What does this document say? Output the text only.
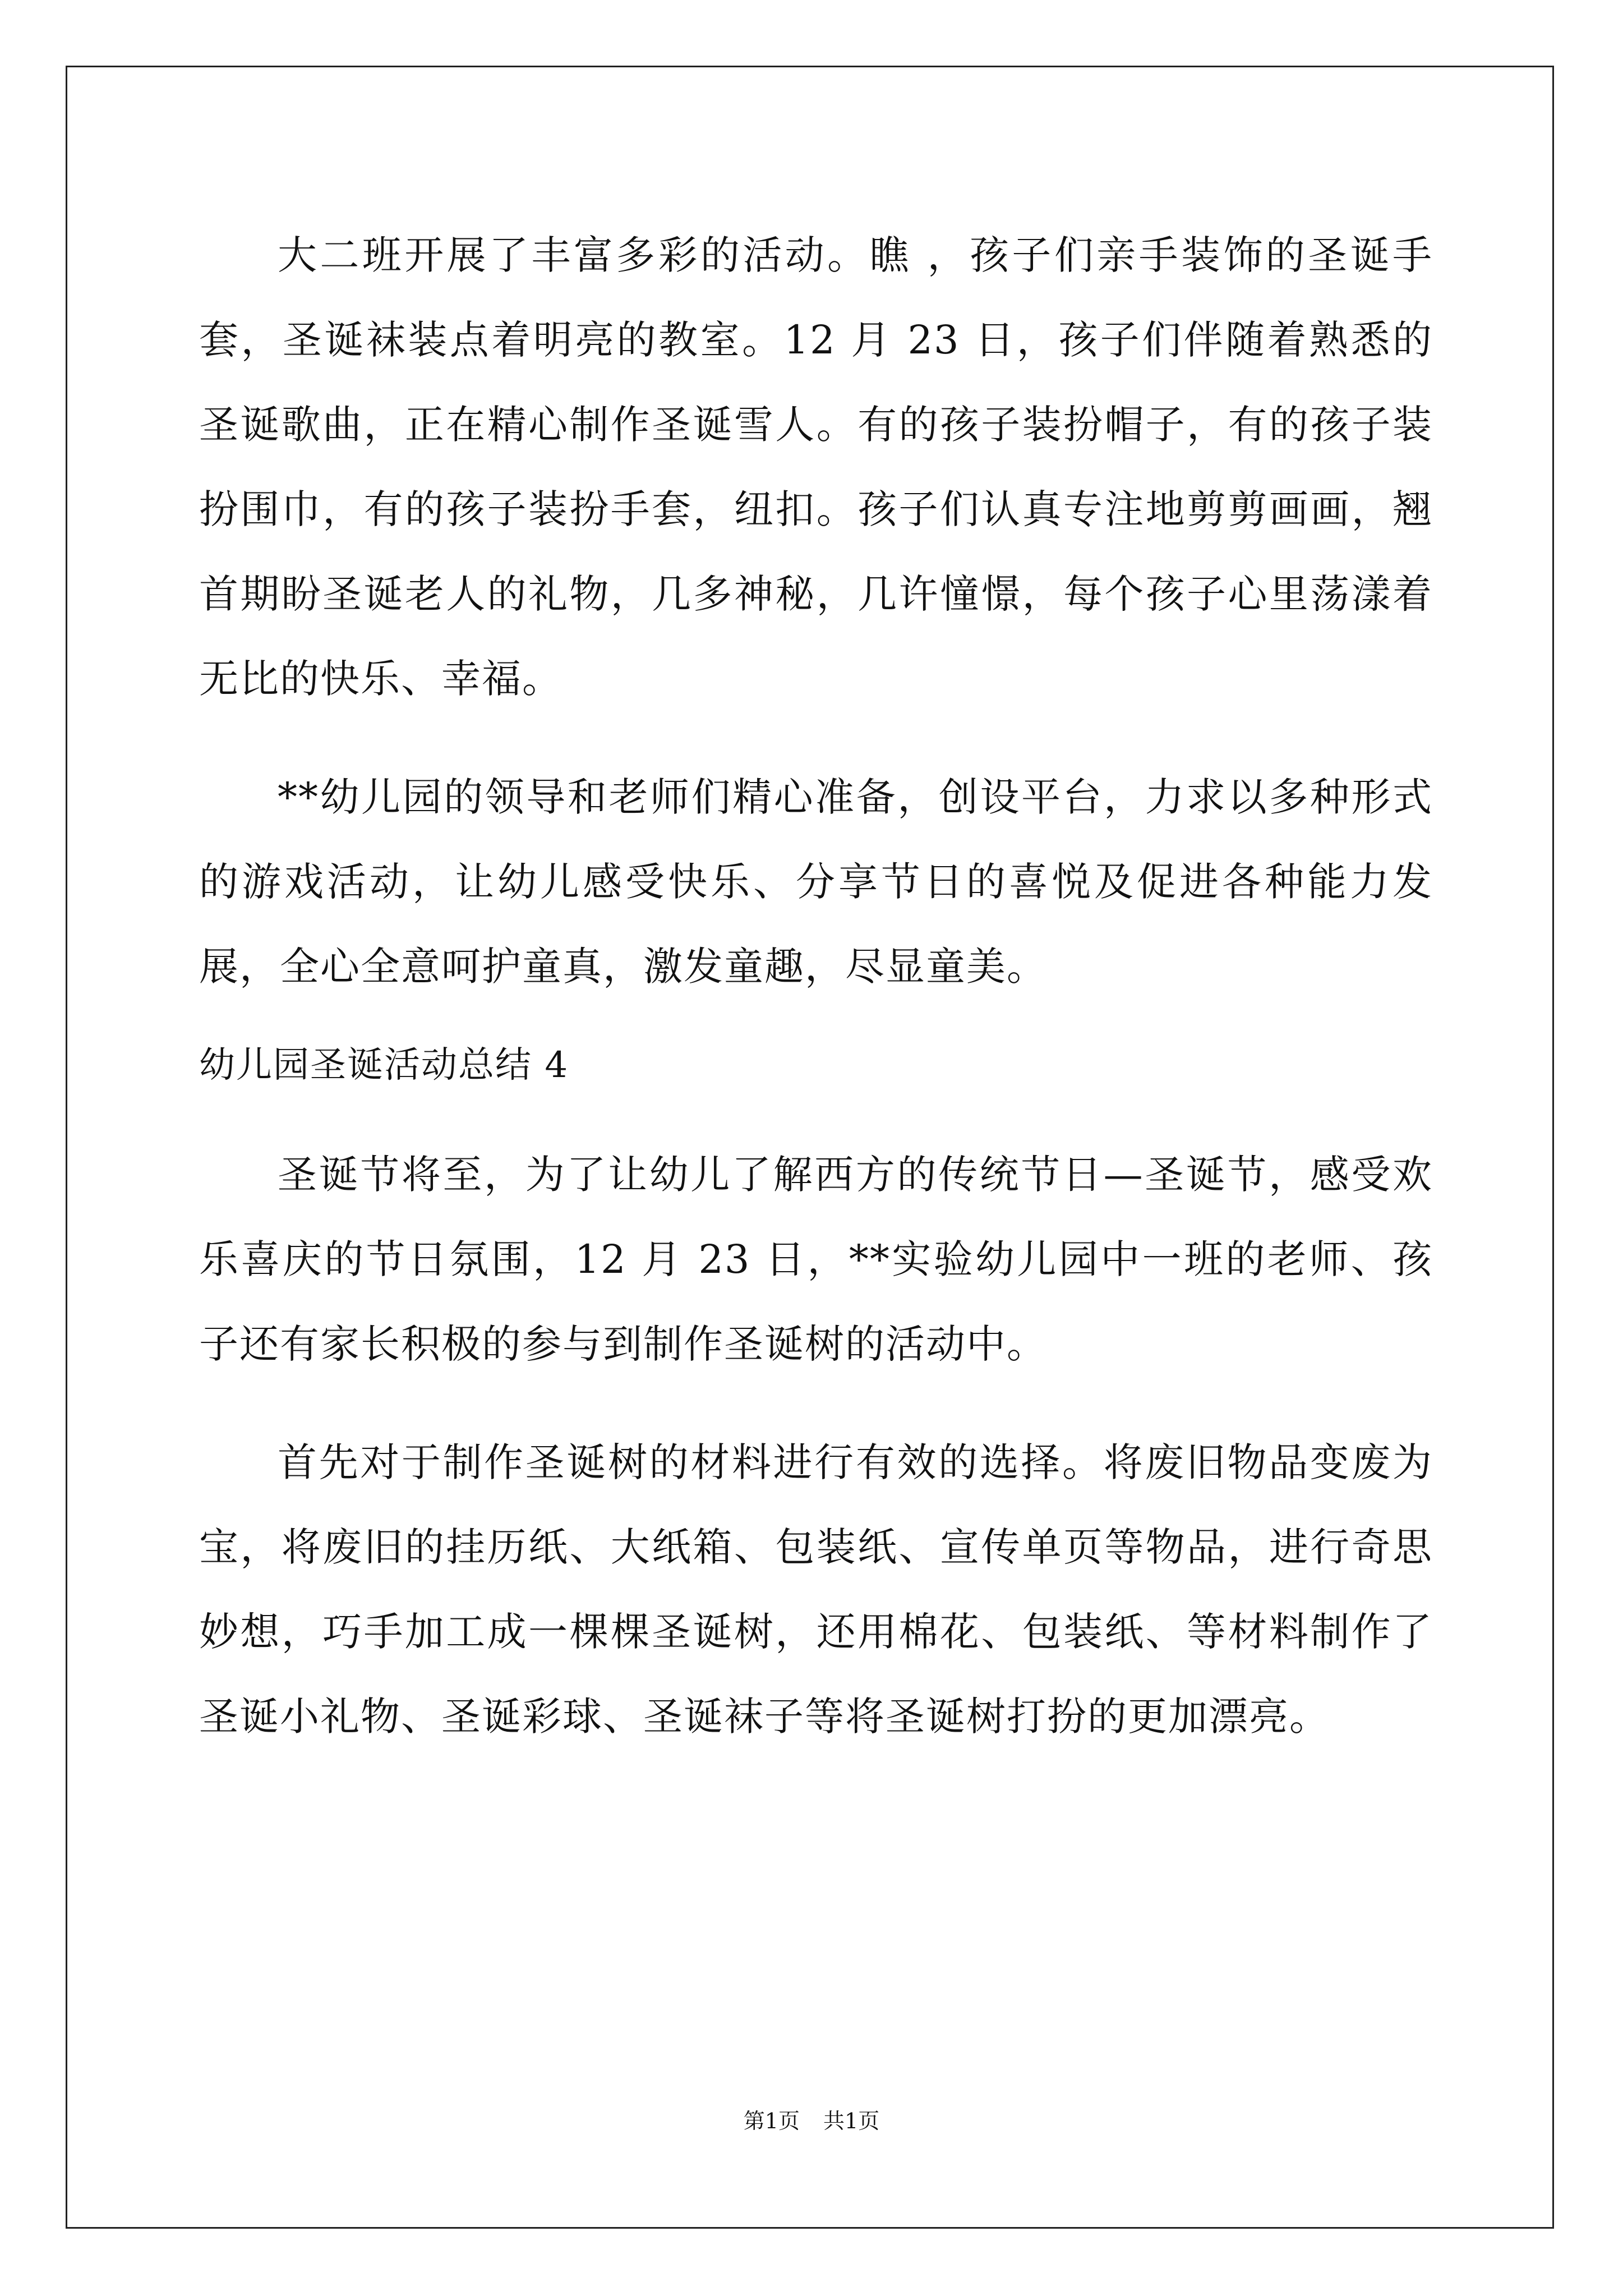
大二班开展了丰富多彩的活动。瞧 ，孩子们亲手装饰的圣诞手套，圣诞袜装点着明亮的教室。12 月 23 日，孩子们伴随着熟悉的圣诞歌曲，正在精心制作圣诞雪人。有的孩子装扮帽子，有的孩子装扮围巾，有的孩子装扮手套，纽扣。孩子们认真专注地剪剪画画，翘首期盼圣诞老人的礼物，几多神秘，几许憧憬，每个孩子心里荡漾着无比的快乐、幸福。

**幼儿园的领导和老师们精心准备，创设平台，力求以多种形式的游戏活动，让幼儿感受快乐、分享节日的喜悦及促进各种能力发展，全心全意呵护童真，激发童趣，尽显童美。

幼儿园圣诞活动总结 4

圣诞节将至，为了让幼儿了解西方的传统节日—圣诞节，感受欢乐喜庆的节日氛围，12 月 23 日，**实验幼儿园中一班的老师、孩子还有家长积极的参与到制作圣诞树的活动中。

首先对于制作圣诞树的材料进行有效的选择。将废旧物品变废为宝，将废旧的挂历纸、大纸箱、包装纸、宣传单页等物品，进行奇思妙想，巧手加工成一棵棵圣诞树，还用棉花、包装纸、等材料制作了圣诞小礼物、圣诞彩球、圣诞袜子等将圣诞树打扮的更加漂亮。

第1页 共1页
